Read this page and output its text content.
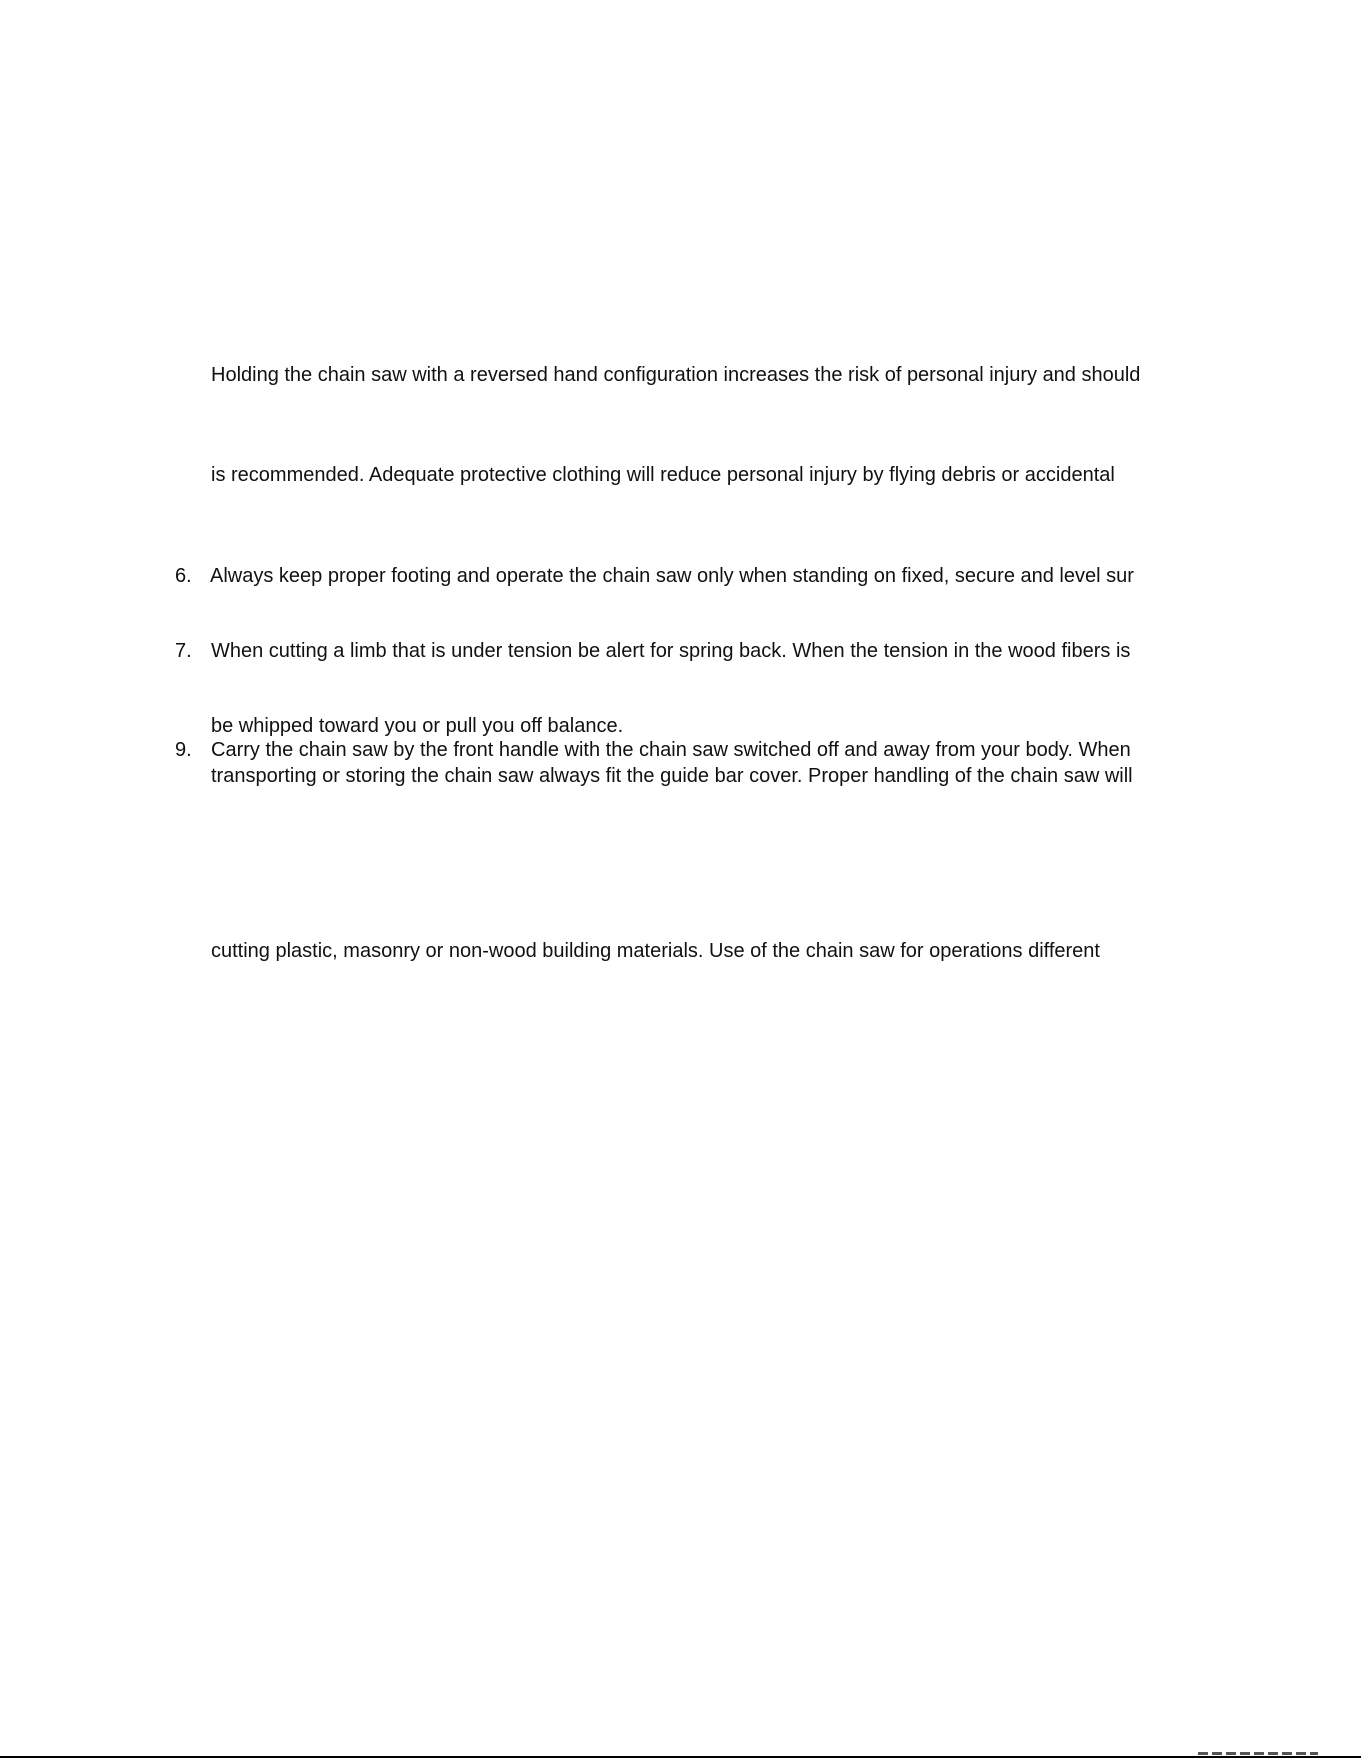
Holding the chain saw with a reversed hand configuration increases the risk of personal injury and should
is recommended. Adequate protective clothing will reduce personal injury by flying debris or accidental
6. Always keep proper footing and operate the chain saw only when standing on fixed, secure and level sur
7. When cutting a limb that is under tension be alert for spring back. When the tension in the wood fibers is
be whipped toward you or pull you off balance.
9. Carry the chain saw by the front handle with the chain saw switched off and away from your body. When
transporting or storing the chain saw always fit the guide bar cover. Proper handling of the chain saw will
cutting plastic, masonry or non-wood building materials. Use of the chain saw for operations different
